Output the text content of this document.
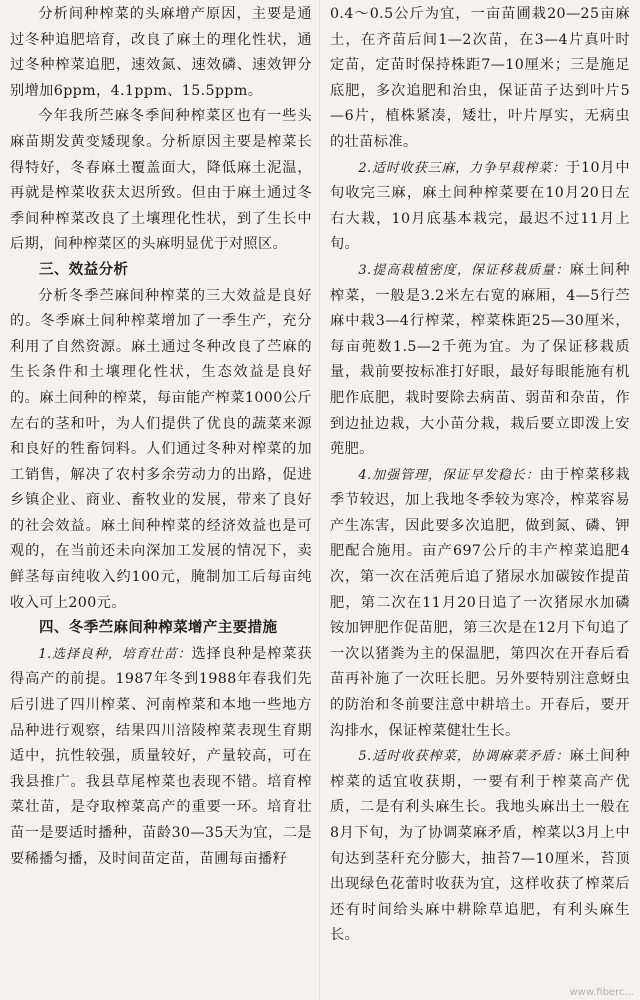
分析间种榨菜的头麻增产原因，主要是通过冬种追肥培育，改良了麻土的理化性状，通过冬种榨菜追肥，速效氮、速效磷、速效钾分别增加6ppm，4.1ppm、15.5ppm。

今年我所苎麻冬季间种榨菜区也有一些头麻苗期发黄变矮现象。分析原因主要是榨菜长得特好，冬春麻土覆盖面大，降低麻土泥温，再就是榨菜收获太迟所致。但由于麻土通过冬季间种榨菜改良了土壤理化性状，到了生长中后期，间种榨菜区的头麻明显优于对照区。

三、效益分析

分析冬季苎麻间种榨菜的三大效益是良好的。冬季麻土间种榨菜增加了一季生产，充分利用了自然资源。麻土通过冬种改良了苎麻的生长条件和土壤理化性状，生态效益是良好的。麻土间种的榨菜，每亩能产榨菜1000公斤左右的茎和叶，为人们提供了优良的蔬菜来源和良好的牲畜饲料。人们通过冬种对榨菜的加工销售，解决了农村多余劳动力的出路，促进乡镇企业、商业、畜牧业的发展，带来了良好的社会效益。麻土间种榨菜的经济效益也是可观的，在当前还未向深加工发展的情况下，卖鲜茎每亩纯收入约100元，腌制加工后每亩纯收入可上200元。

四、冬季苎麻间种榨菜增产主要措施

1.选择良种，培育壮苗：选择良种是榨菜获得高产的前提。1987年冬到1988年春我们先后引进了四川榨菜、河南榨菜和本地一些地方品种进行观察，结果四川涪陵榨菜表现生育期适中，抗性较强，质量较好，产量较高，可在我县推广。我县草尾榨菜也表现不错。培育榨菜壮苗，是夺取榨菜高产的重要一环。培育壮苗一是要适时播种，苗龄30—35天为宜，二是要稀播匀播，及时间苗定苗，苗圃每亩播籽

0.4～0.5公斤为宜，一亩苗圃栽20—25亩麻土，在齐苗后间1—2次苗，在3—4片真叶时定苗，定苗时保持株距7—10厘米；三是施足底肥，多次追肥和治虫，保证苗子达到叶片5—6片，植株紧凑，矮壮，叶片厚实，无病虫的壮苗标准。

2.适时收获三麻，力争早栽榨菜：于10月中旬收完三麻，麻土间种榨菜要在10月20日左右大栽，10月底基本栽完，最迟不过11月上旬。

3.提高栽植密度，保证移栽质量：麻土间种榨菜，一般是3.2米左右宽的麻厢，4—5行苎麻中栽3—4行榨菜，榨菜株距25—30厘米，每亩蔸数1.5—2千蔸为宜。为了保证移栽质量，栽前要按标准打好眼，最好每眼能施有机肥作底肥，栽时要除去病苗、弱苗和杂苗，作到边扯边栽，大小苗分栽，栽后要立即泼上安蔸肥。

4.加强管理，保证早发稳长：由于榨菜移栽季节较迟，加上我地冬季较为寒冷，榨菜容易产生冻害，因此要多次追肥，做到氮、磷、钾肥配合施用。亩产697公斤的丰产榨菜追肥4次，第一次在活蔸后追了猪尿水加碳铵作提苗肥，第二次在11月20日追了一次猪尿水加磷铵加钾肥作促苗肥，第三次是在12月下旬追了一次以猪粪为主的保温肥，第四次在开春后看苗再补施了一次旺长肥。另外要特别注意蚜虫的防治和冬前要注意中耕培土。开春后，要开沟排水，保证榨菜健壮生长。

5.适时收获榨菜，协调麻菜矛盾：麻土间种榨菜的适宜收获期，一要有利于榨菜高产优质，二是有利头麻生长。我地头麻出土一般在8月下旬，为了协调菜麻矛盾，榨菜以3月上中旬达到茎秆充分膨大，抽苔7—10厘米，苔顶出现绿色花蕾时收获为宜，这样收获了榨菜后还有时间给头麻中耕除草追肥，有利头麻生长。

www.fiberc...
